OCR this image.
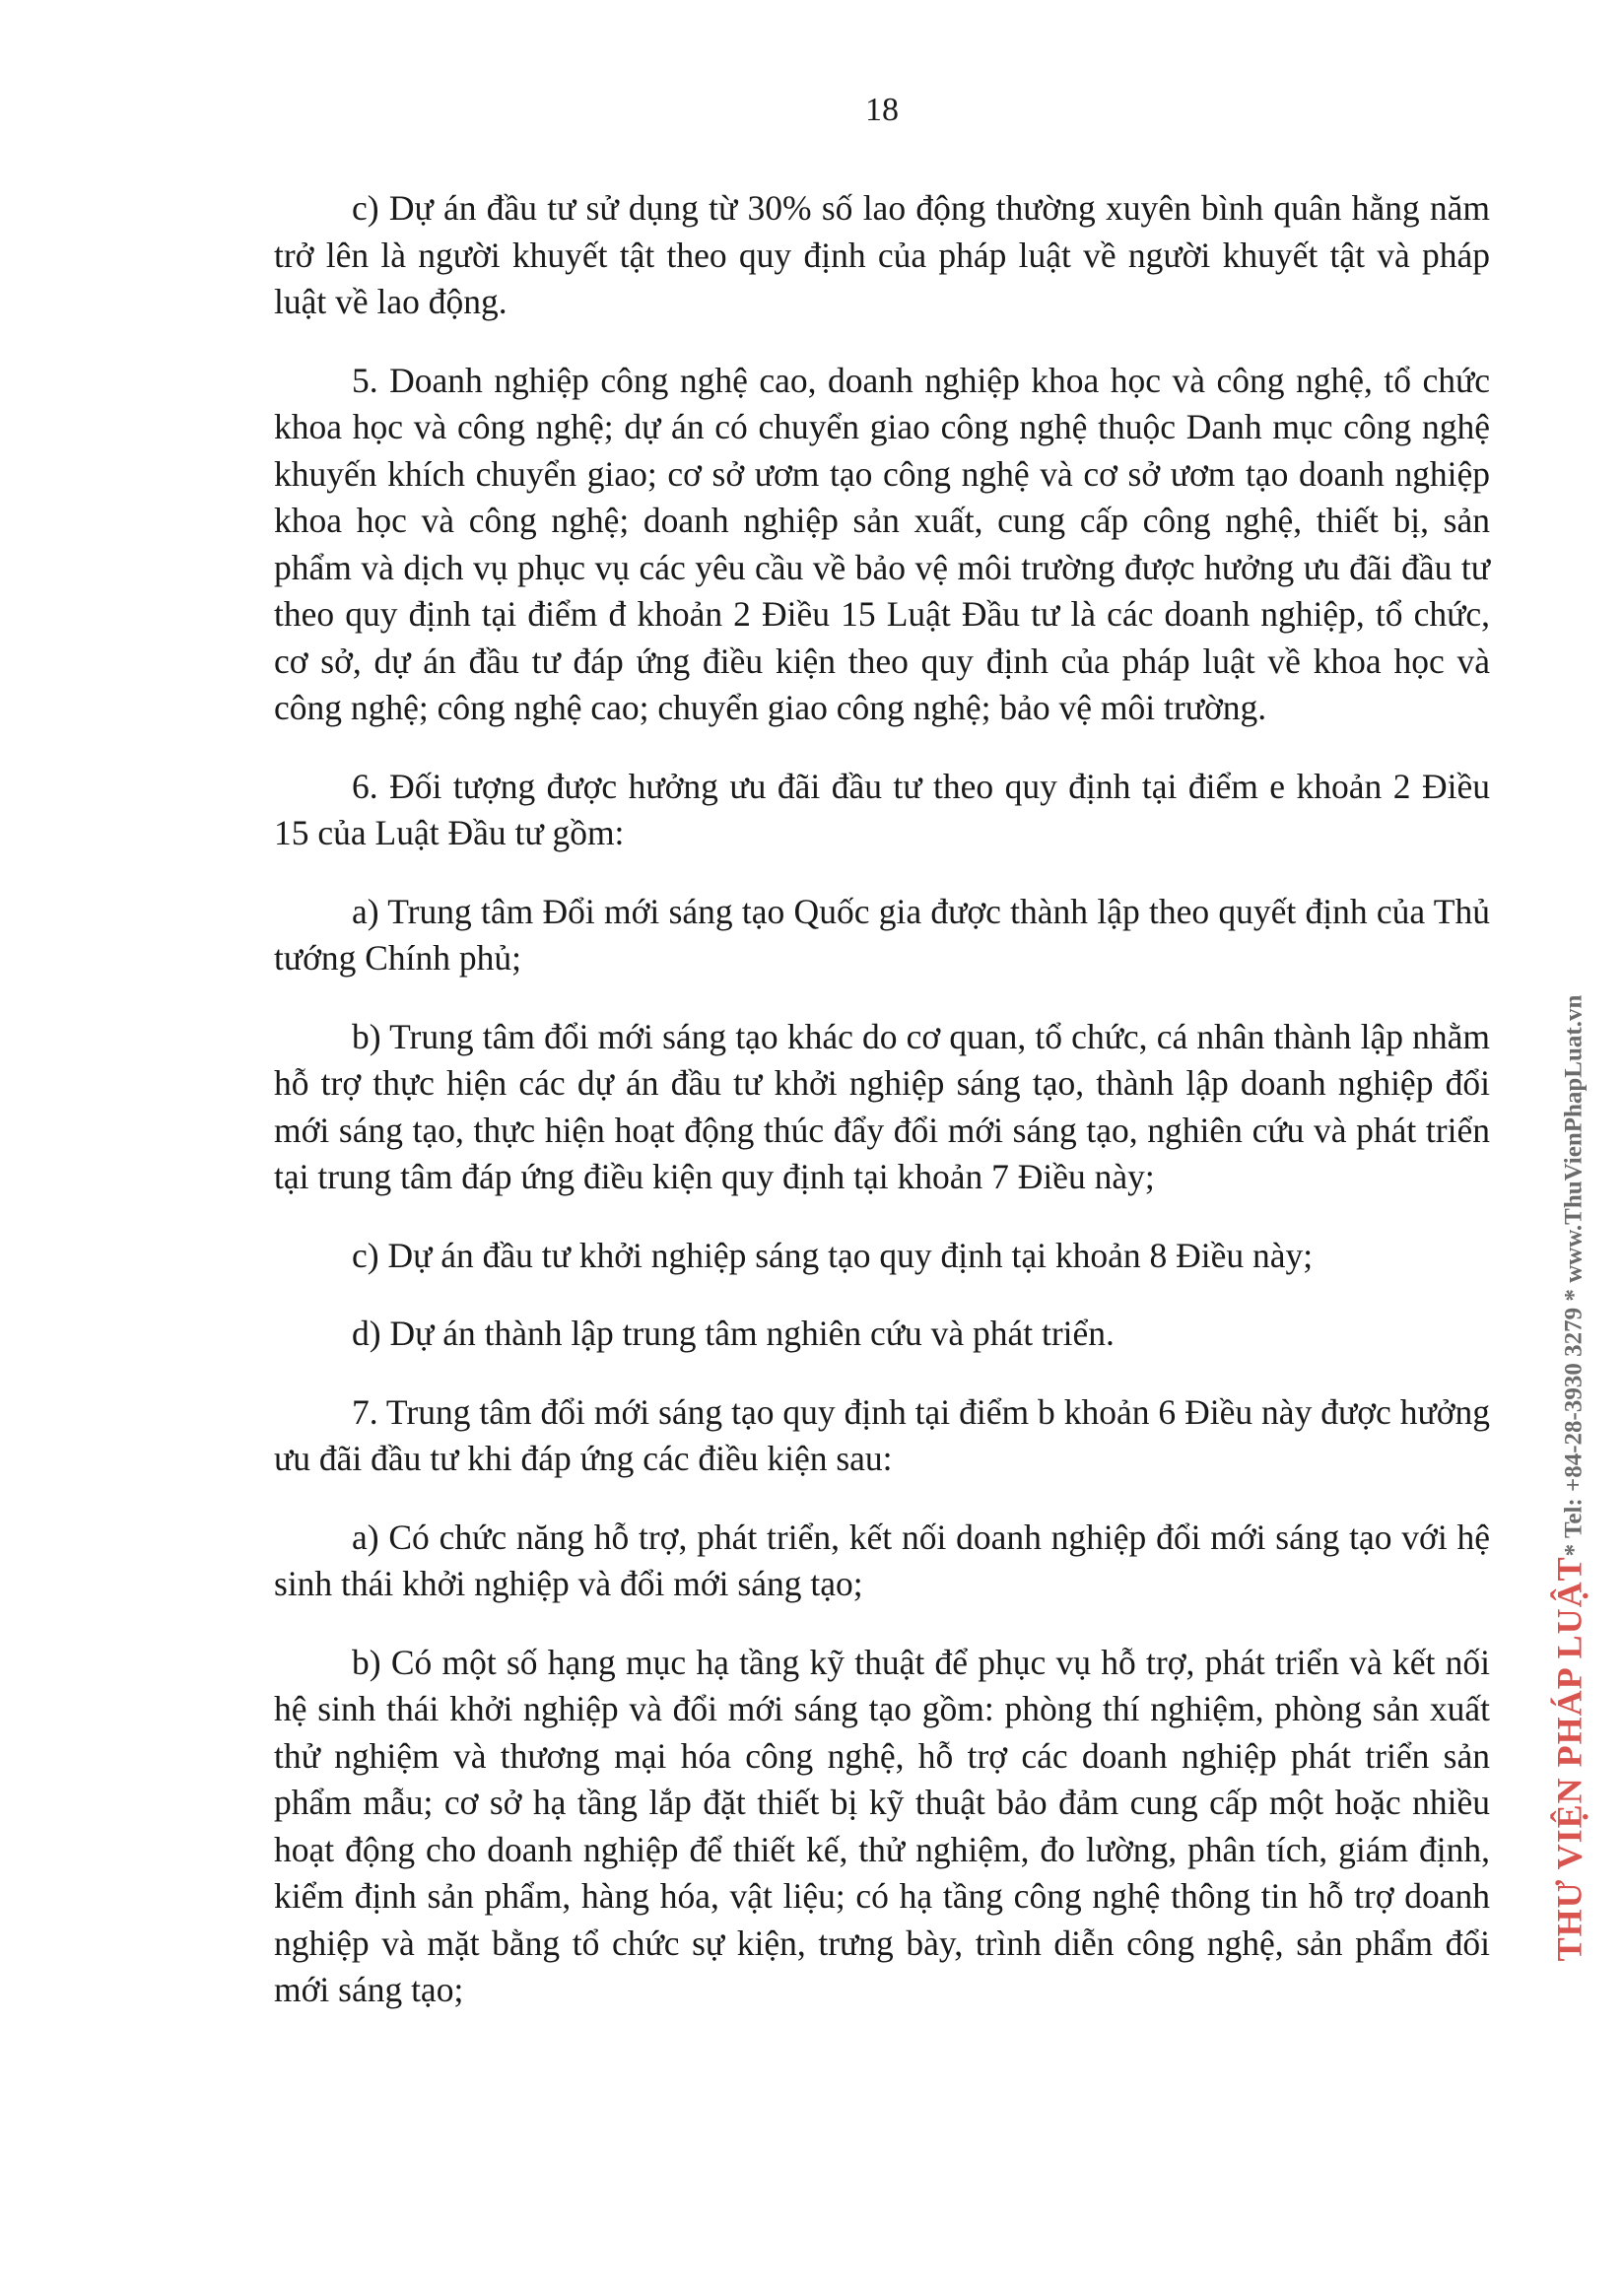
18

c) Dự án đầu tư sử dụng từ 30% số lao động thường xuyên bình quân hằng năm trở lên là người khuyết tật theo quy định của pháp luật về người khuyết tật và pháp luật về lao động.

5. Doanh nghiệp công nghệ cao, doanh nghiệp khoa học và công nghệ, tổ chức khoa học và công nghệ; dự án có chuyển giao công nghệ thuộc Danh mục công nghệ khuyến khích chuyển giao; cơ sở ươm tạo công nghệ và cơ sở ươm tạo doanh nghiệp khoa học và công nghệ; doanh nghiệp sản xuất, cung cấp công nghệ, thiết bị, sản phẩm và dịch vụ phục vụ các yêu cầu về bảo vệ môi trường được hưởng ưu đãi đầu tư theo quy định tại điểm đ khoản 2 Điều 15 Luật Đầu tư là các doanh nghiệp, tổ chức, cơ sở, dự án đầu tư đáp ứng điều kiện theo quy định của pháp luật về khoa học và công nghệ; công nghệ cao; chuyển giao công nghệ; bảo vệ môi trường.

6. Đối tượng được hưởng ưu đãi đầu tư theo quy định tại điểm e khoản 2 Điều 15 của Luật Đầu tư gồm:

a) Trung tâm Đổi mới sáng tạo Quốc gia được thành lập theo quyết định của Thủ tướng Chính phủ;

b) Trung tâm đổi mới sáng tạo khác do cơ quan, tổ chức, cá nhân thành lập nhằm hỗ trợ thực hiện các dự án đầu tư khởi nghiệp sáng tạo, thành lập doanh nghiệp đổi mới sáng tạo, thực hiện hoạt động thúc đẩy đổi mới sáng tạo, nghiên cứu và phát triển tại trung tâm đáp ứng điều kiện quy định tại khoản 7 Điều này;

c) Dự án đầu tư khởi nghiệp sáng tạo quy định tại khoản 8 Điều này;

d) Dự án thành lập trung tâm nghiên cứu và phát triển.

7. Trung tâm đổi mới sáng tạo quy định tại điểm b khoản 6 Điều này được hưởng ưu đãi đầu tư khi đáp ứng các điều kiện sau:

a) Có chức năng hỗ trợ, phát triển, kết nối doanh nghiệp đổi mới sáng tạo với hệ sinh thái khởi nghiệp và đổi mới sáng tạo;

b) Có một số hạng mục hạ tầng kỹ thuật để phục vụ hỗ trợ, phát triển và kết nối hệ sinh thái khởi nghiệp và đổi mới sáng tạo gồm: phòng thí nghiệm, phòng sản xuất thử nghiệm và thương mại hóa công nghệ, hỗ trợ các doanh nghiệp phát triển sản phẩm mẫu; cơ sở hạ tầng lắp đặt thiết bị kỹ thuật bảo đảm cung cấp một hoặc nhiều hoạt động cho doanh nghiệp để thiết kế, thử nghiệm, đo lường, phân tích, giám định, kiểm định sản phẩm, hàng hóa, vật liệu; có hạ tầng công nghệ thông tin hỗ trợ doanh nghiệp và mặt bằng tổ chức sự kiện, trưng bày, trình diễn công nghệ, sản phẩm đổi mới sáng tạo;

THƯ VIỆN PHÁP LUẬT* Tel: +84-28-3930 3279 * www.ThuVienPhapLuat.vn
